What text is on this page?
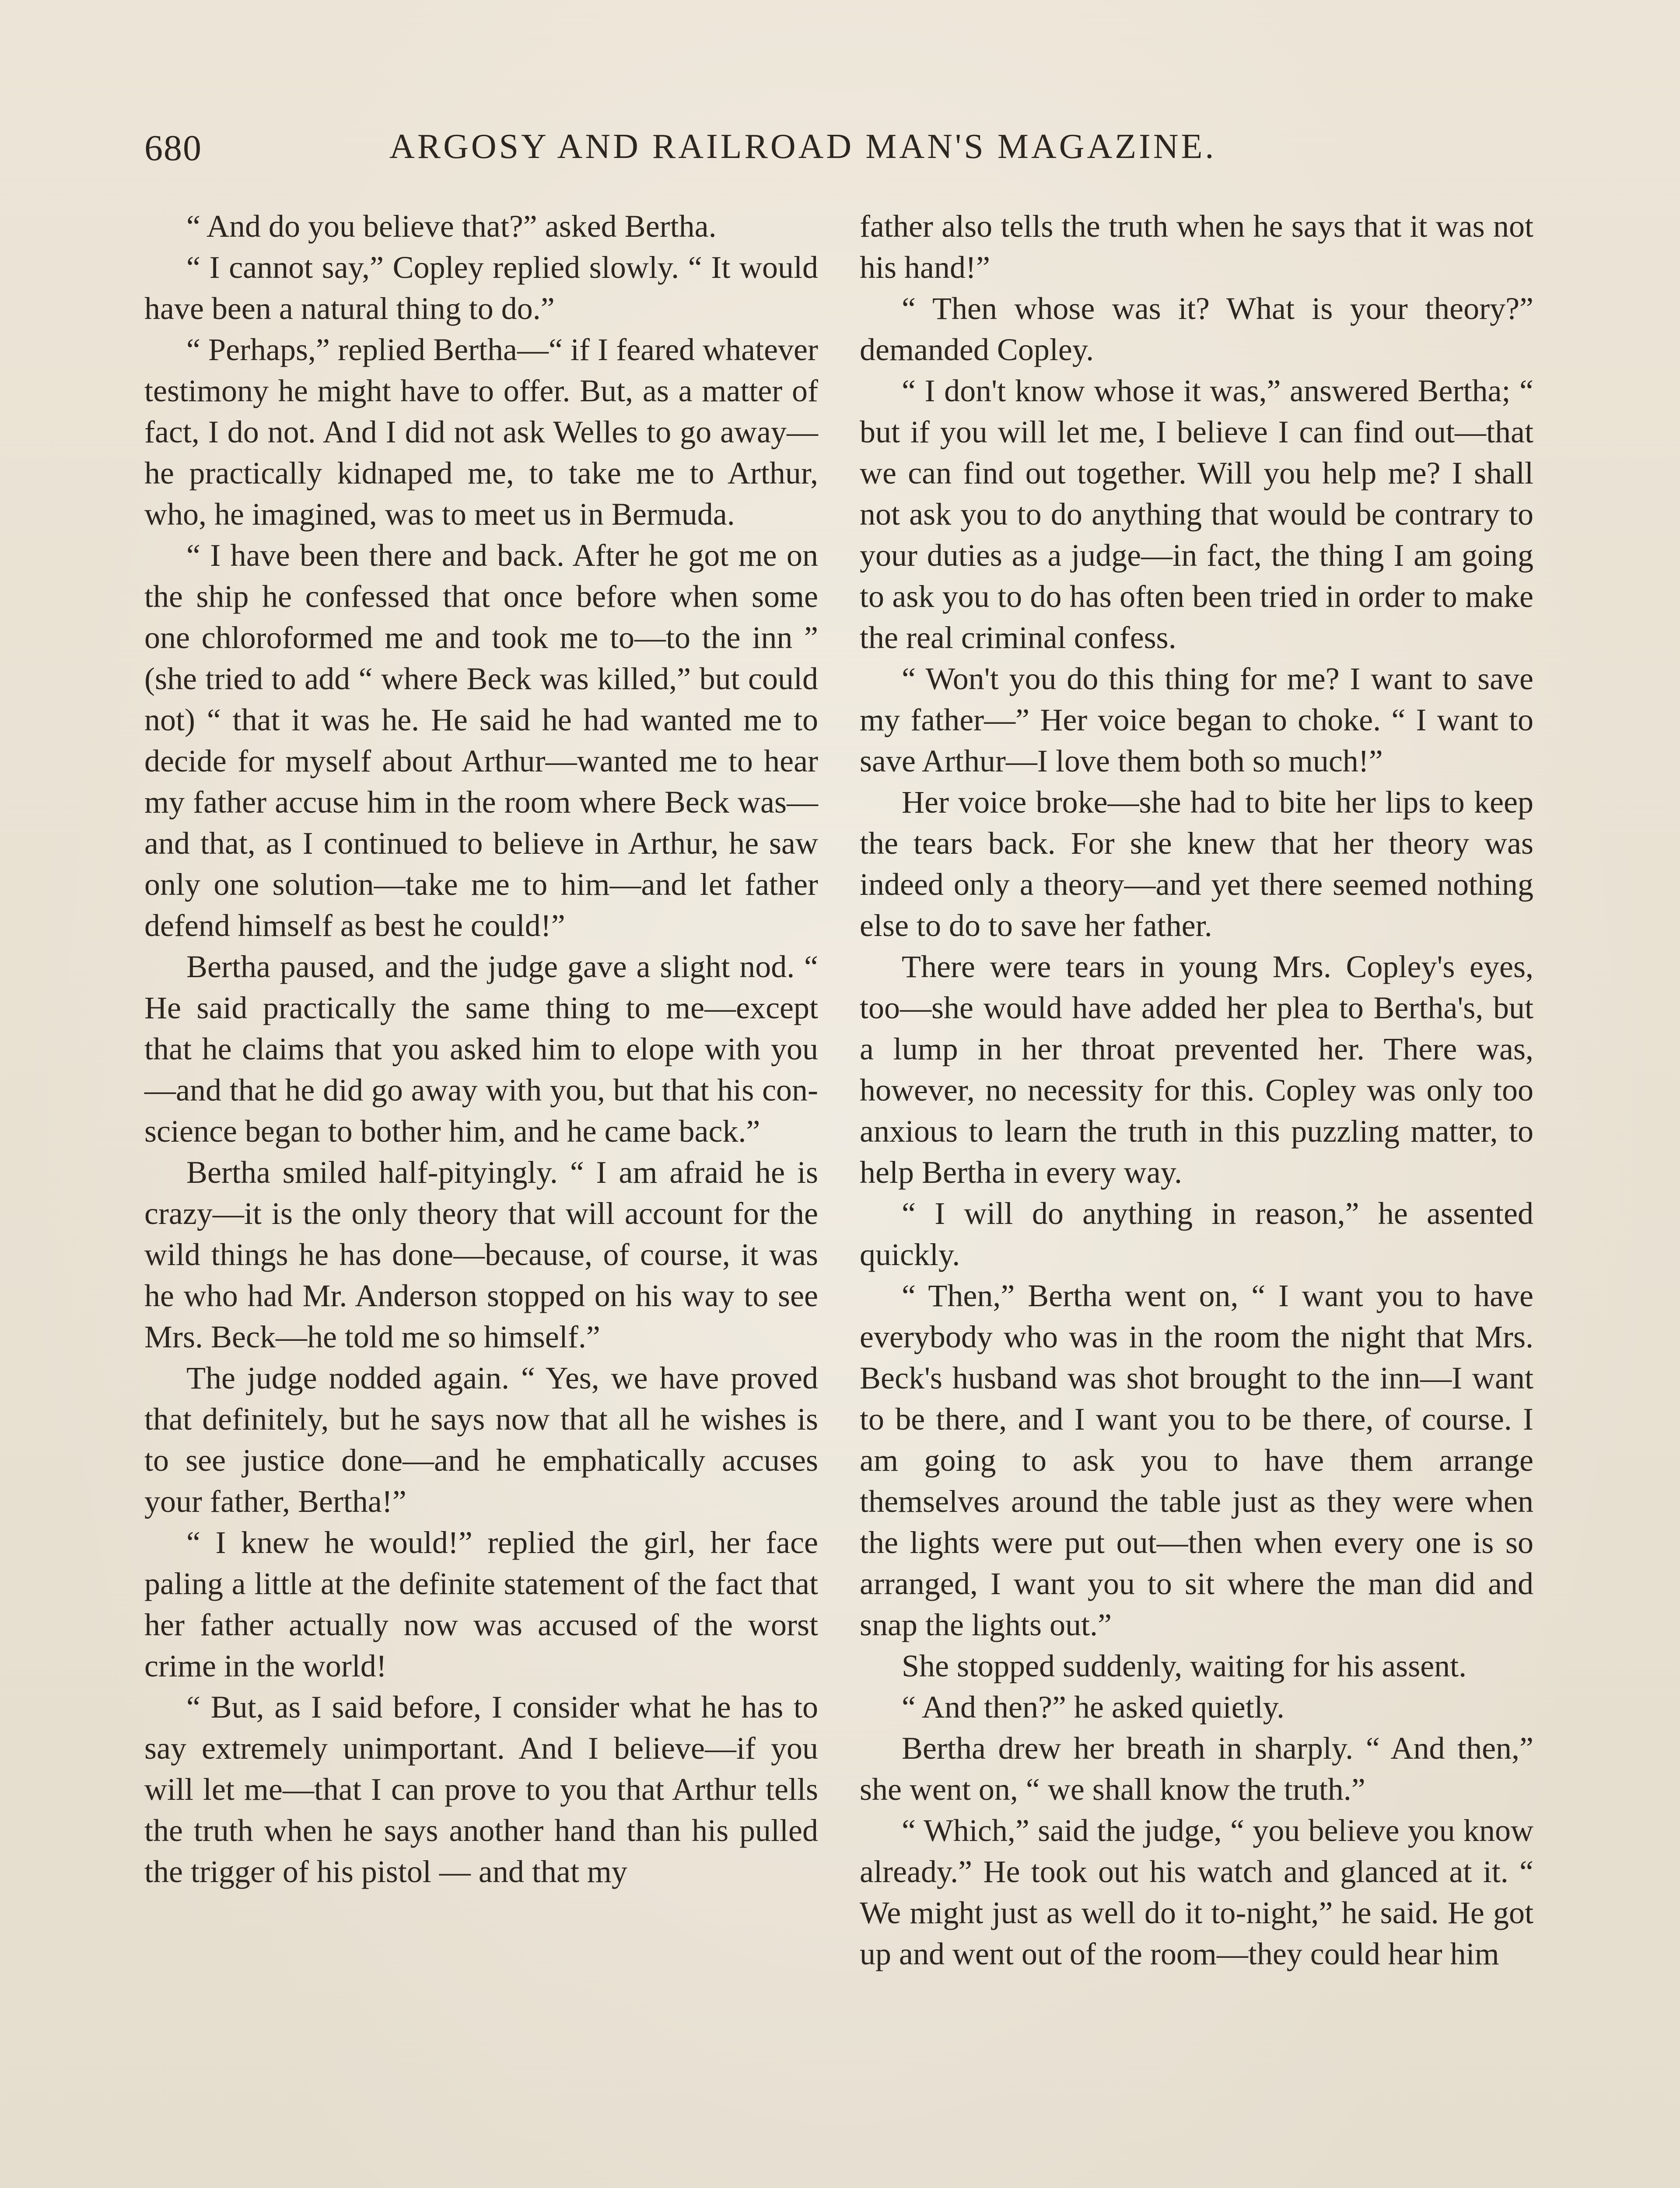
680	ARGOSY AND RAILROAD MAN'S MAGAZINE.

“ And do you believe that?” asked Bertha.

“ I cannot say,” Copley replied slowly. “ It would have been a natural thing to do.”

“ Perhaps,” replied Bertha—“ if I feared whatever testimony he might have to offer. But, as a matter of fact, I do not. And I did not ask Welles to go away—he practically kidnaped me, to take me to Arthur, who, he imagined, was to meet us in Bermuda.

“ I have been there and back. After he got me on the ship he confessed that once before when some one chloroformed me and took me to—to the inn ” (she tried to add “ where Beck was killed,” but could not) “ that it was he. He said he had wanted me to decide for myself about Arthur—wanted me to hear my father accuse him in the room where Beck was—and that, as I continued to believe in Arthur, he saw only one solution—take me to him—and let father defend himself as best he could!”

Bertha paused, and the judge gave a slight nod. “ He said practically the same thing to me—except that he claims that you asked him to elope with you—and that he did go away with you, but that his conscience began to bother him, and he came back.”

Bertha smiled half-pityingly. “ I am afraid he is crazy—it is the only theory that will account for the wild things he has done—because, of course, it was he who had Mr. Anderson stopped on his way to see Mrs. Beck—he told me so himself.”

The judge nodded again. “ Yes, we have proved that definitely, but he says now that all he wishes is to see justice done—and he emphatically accuses your father, Bertha!”

“ I knew he would!” replied the girl, her face paling a little at the definite statement of the fact that her father actually now was accused of the worst crime in the world!

“ But, as I said before, I consider what he has to say extremely unimportant. And I believe—if you will let me—that I can prove to you that Arthur tells the truth when he says another hand than his pulled the trigger of his pistol — and that my

father also tells the truth when he says that it was not his hand!”

“ Then whose was it? What is your theory?” demanded Copley.

“ I don't know whose it was,” answered Bertha; “ but if you will let me, I believe I can find out—that we can find out together. Will you help me? I shall not ask you to do anything that would be contrary to your duties as a judge—in fact, the thing I am going to ask you to do has often been tried in order to make the real criminal confess.

“ Won't you do this thing for me? I want to save my father—” Her voice began to choke. “ I want to save Arthur—I love them both so much!”

Her voice broke—she had to bite her lips to keep the tears back. For she knew that her theory was indeed only a theory—and yet there seemed nothing else to do to save her father.

There were tears in young Mrs. Copley's eyes, too—she would have added her plea to Bertha's, but a lump in her throat prevented her. There was, however, no necessity for this. Copley was only too anxious to learn the truth in this puzzling matter, to help Bertha in every way.

“ I will do anything in reason,” he assented quickly.

“ Then,” Bertha went on, “ I want you to have everybody who was in the room the night that Mrs. Beck's husband was shot brought to the inn—I want to be there, and I want you to be there, of course. I am going to ask you to have them arrange themselves around the table just as they were when the lights were put out—then when every one is so arranged, I want you to sit where the man did and snap the lights out.”

She stopped suddenly, waiting for his assent.

“ And then?” he asked quietly.

Bertha drew her breath in sharply. “ And then,” she went on, “ we shall know the truth.”

“ Which,” said the judge, “ you believe you know already.” He took out his watch and glanced at it. “ We might just as well do it to-night,” he said. He got up and went out of the room—they could hear him
